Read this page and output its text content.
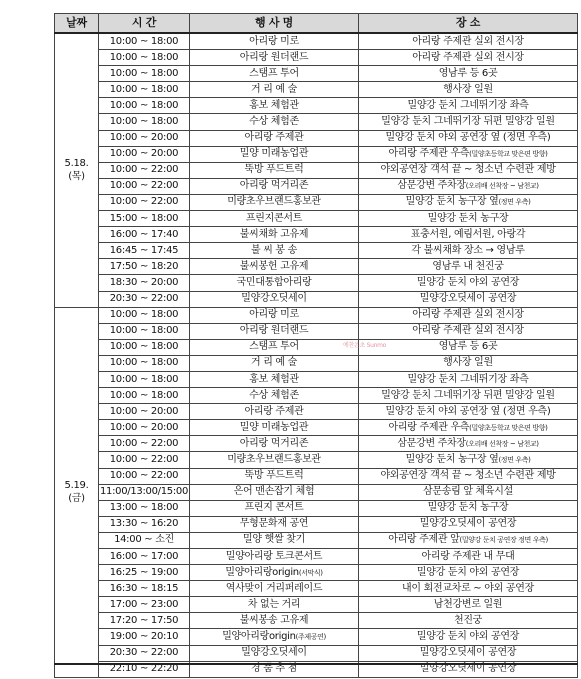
날짜	시 간	행 사 명	장 소

5.18.
(목)	10:00 ~ 18:00	아리랑 미로	아리랑 주제관 실외 전시장
	10:00 ~ 18:00	아리랑 원더랜드	아리랑 주제관 실외 전시장
	10:00 ~ 18:00	스탬프 투어	영남루 등 6곳
	10:00 ~ 18:00	거 리 예 술	행사장 일원
	10:00 ~ 18:00	홍보 체험관	밀양강 둔치 그네뛰기장 좌측
	10:00 ~ 18:00	수상 체험존	밀양강 둔치 그네뛰기장 뒤편 밀양강 일원
	10:00 ~ 20:00	아리랑 주제관	밀양강 둔치 야외 공연장 옆 (정면 우측)
	10:00 ~ 20:00	밀양 미래농업관	아리랑 주제관 우측(밀양초등학교 맞은편 방향)
	10:00 ~ 22:00	뚝방 푸드트럭	야외공연장 객석 끝 ~ 청소년 수련관 제방
	10:00 ~ 22:00	아리랑 먹거리존	삼문강변 주차장(오리배 선착장 ~ 남천교)
	10:00 ~ 22:00	미량초우브랜드홍보관	밀양강 둔치 농구장 옆(정면 우측)
	15:00 ~ 18:00	프린지콘서트	밀양강 둔치 농구장
	16:00 ~ 17:40	불씨채화 고유제	표충서원, 예림서원, 아랑각
	16:45 ~ 17:45	불 씨 봉 송	각 불씨채화 장소 → 영남루
	17:50 ~ 18:20	불씨봉헌 고유제	영남루 내 천진궁
	18:30 ~ 20:00	국민대통합아리랑	밀양강 둔치 야외 공연장
	20:30 ~ 22:00	밀양강오딧세이	밀양강오딧세이 공연장

5.19.
(금)	10:00 ~ 18:00	아리랑 미로	아리랑 주제관 실외 전시장
	10:00 ~ 18:00	아리랑 원더랜드	아리랑 주제관 실외 전시장
	10:00 ~ 18:00	스탬프 투어	영남루 등 6곳
	10:00 ~ 18:00	거 리 예 술	행사장 일원
	10:00 ~ 18:00	홍보 체험관	밀양강 둔치 그네뛰기장 좌측
	10:00 ~ 18:00	수상 체험존	밀양강 둔치 그네뛰기장 뒤편 밀양강 일원
	10:00 ~ 20:00	아리랑 주제관	밀양강 둔치 야외 공연장 옆 (정면 우측)
	10:00 ~ 20:00	밀양 미래농업관	아리랑 주제관 우측(밀양초등학교 맞은편 방향)
	10:00 ~ 22:00	아리랑 먹거리존	삼문강변 주차장(오리배 선착장 ~ 남천교)
	10:00 ~ 22:00	미량초우브랜드홍보관	밀양강 둔치 농구장 옆(정면 우측)
	10:00 ~ 22:00	뚝방 푸드트럭	야외공연장 객석 끝 ~ 청소년 수련관 제방
	11:00/13:00/15:00	은어 맨손잡기 체험	삼문송림 앞 체육시설
	13:00 ~ 18:00	프린지 콘서트	밀양강 둔치 농구장
	13:30 ~ 16:20	무형문화재 공연	밀양강오딧세이 공연장
	14:00 ~ 소진	밀양 햇쌀 찾기	아리랑 주제관 앞(밀양강 둔치 공연장 정면 우측)
	16:00 ~ 17:00	밀양아리랑 토크콘서트	아리랑 주제관 내 무대
	16:25 ~ 19:00	밀양아리랑origin(서막식)	밀양강 둔치 야외 공연장
	16:30 ~ 18:15	역사맞이 거리퍼레이드	내이 회전교차로 ~ 야외 공연장
	17:00 ~ 23:00	차 없는 거리	남천강변로 일원
	17:20 ~ 17:50	불씨봉송 고유제	천진궁
	19:00 ~ 20:10	밀양아리랑origin(주제공연)	밀양강 둔치 야외 공연장
	20:30 ~ 22:00	밀양강오딧세이	밀양강오딧세이 공연장
	22:10 ~ 22:20	경 품 추 첨	밀양강오딧세이 공연장
예찬온초 Sunmo
